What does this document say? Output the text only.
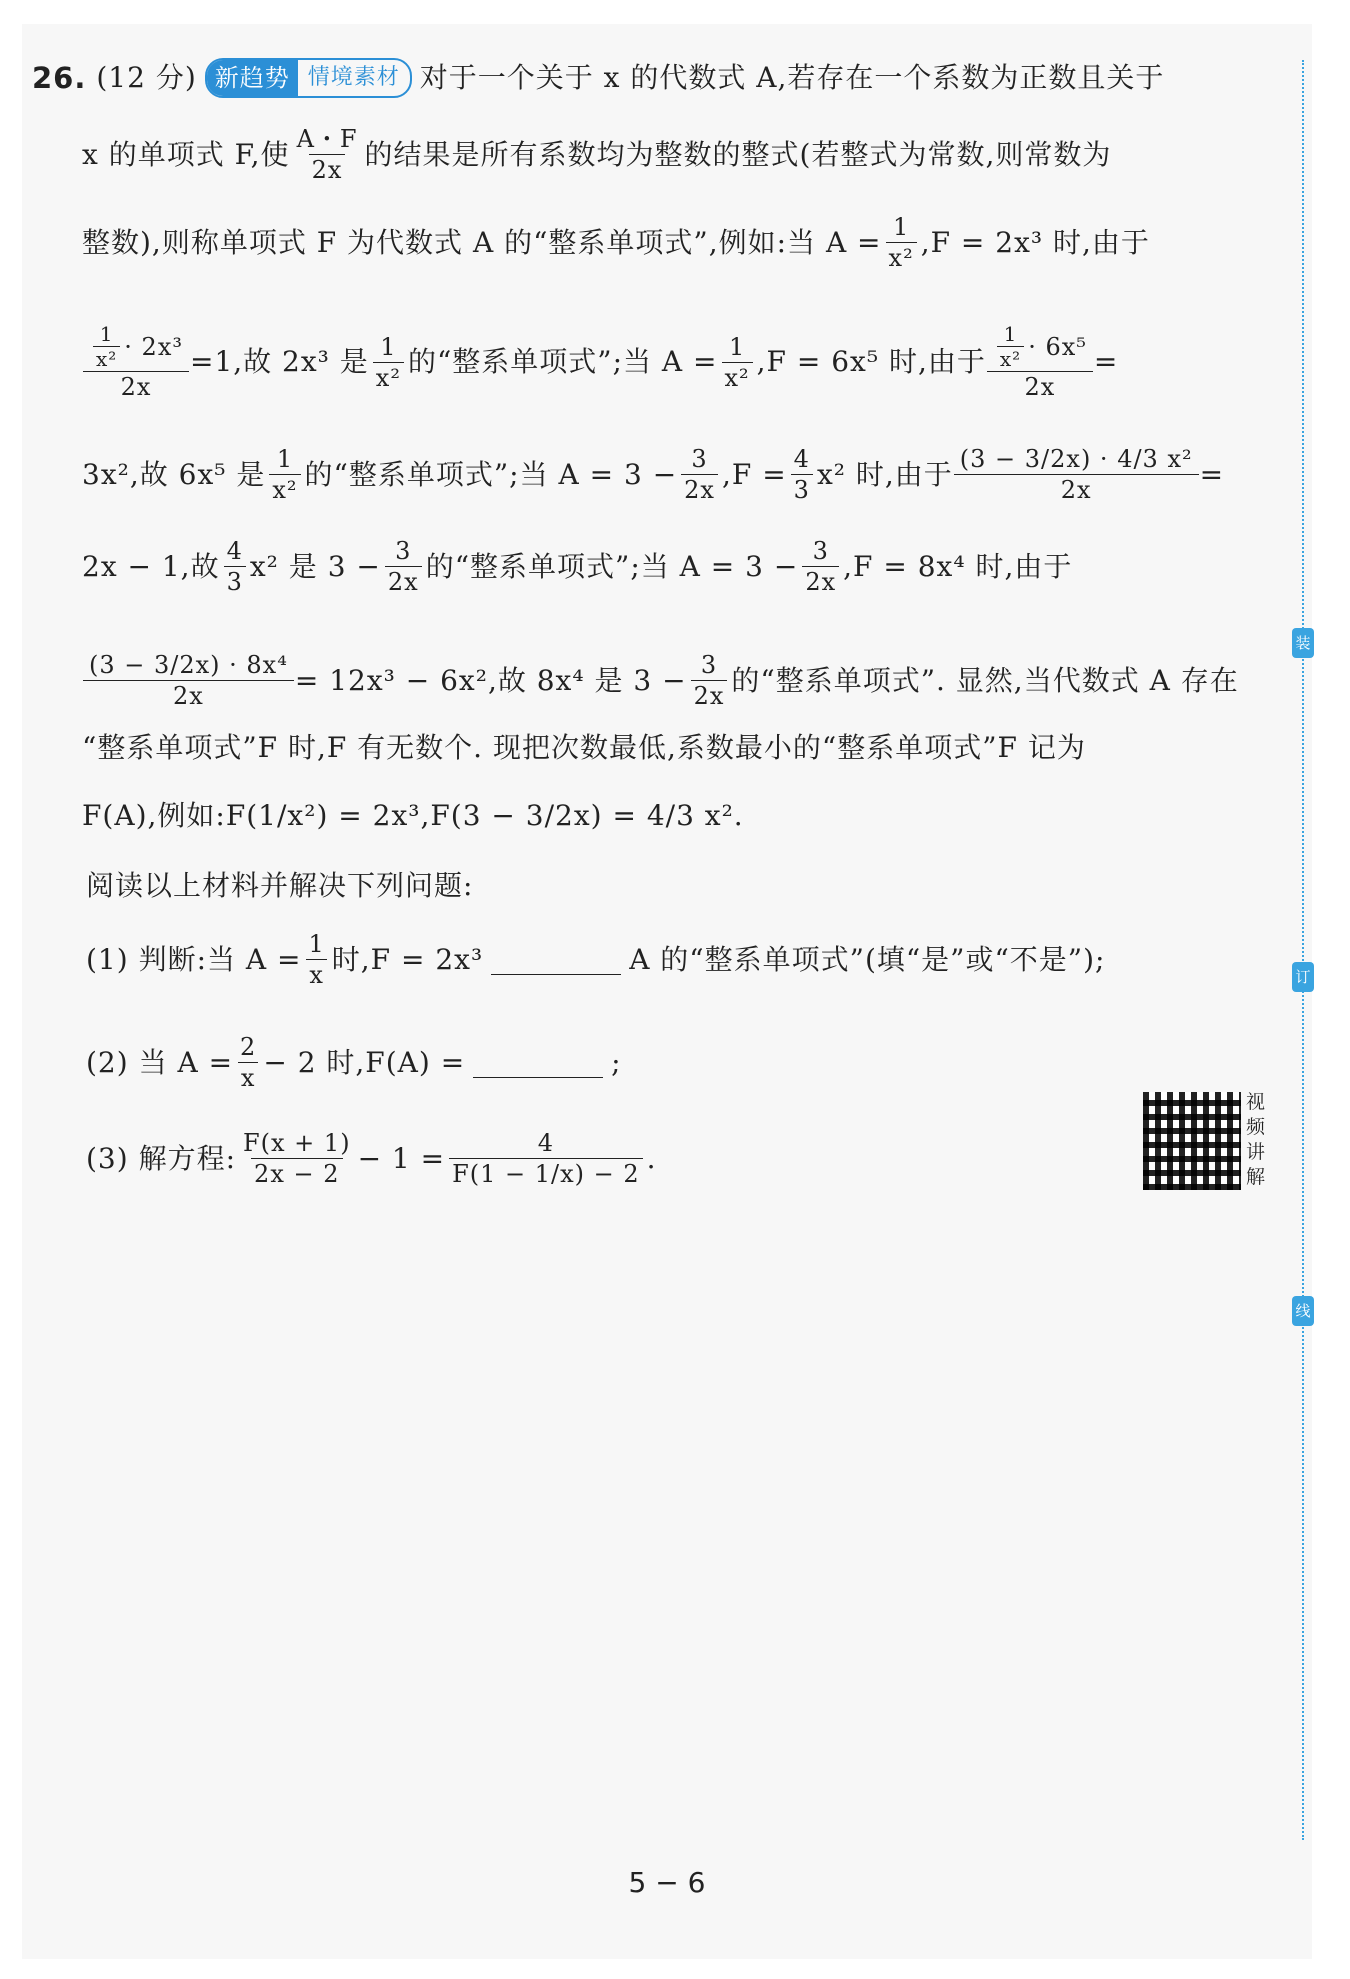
26. (12 分) 新趋势 情境素材 对于一个关于 x 的代数式 A,若存在一个系数为正数且关于
x 的单项式 F,使 $\frac{A・F}{2x}$ 的结果是所有系数均为整数的整式(若整式为常数,则常数为
整数),则称单项式 F 为代数式 A 的“整系单项式”,例如:当 $A = \frac{1}{\text{x²}} ,F = 2x^3$ 时,由于
$\frac{\frac{1}{\text{x²}} \cdot 2x^3}{2x} =1$,故 2x³ 是 $\frac{1}{\text{x²}}$ 的“整系单项式”;当 $A = \frac{1}{\text{x²}} ,F = 6x^5$ 时,由于 $\frac{\frac{1}{\text{x²}} \cdot 6x^5}{2x}$ =
3x²,故 6x⁵ 是 $\frac{1}{\text{x²}}$ 的“整系单项式”;当 $A = 3 - \frac{3}{2x} ,F = \frac{4}{3} x^2$ 时,由于 $\frac{\text{(3 − 3/2x) · 4/3 x²}}{2x}$ =
2x − 1,故 $\frac{4}{3} x^2$ 是 $3 - \frac{3}{2x}$ 的“整系单项式”;当 $A = 3 - \frac{3}{2x} ,F = 8x^4$ 时,由于
$\frac{\text{(3 − 3/2x) · 8x⁴}}{2x} = 12x^3 - 6x^2$,故 8x⁴ 是 $3 - \frac{3}{2x}$ 的“整系单项式”. 显然,当代数式 A 存在
“整系单项式”F 时,F 有无数个. 现把次数最低,系数最小的“整系单项式”F 记为
F(A),例如:F(1/x²) = 2x³,F(3 − 3/2x) = 4/3 x².
阅读以上材料并解决下列问题:
(1) 判断:当 $A = \frac{1}{x}$ 时,F = 2x³	A 的“整系单项式”(填“是”或“不是”);
(2) 当 $A = \frac{2}{x} - 2$ 时,F(A) =	;
(3) 解方程: $\frac{F(x + 1)}{2x - 2} - 1 = \frac{4}{F(1 - 1/x) - 2}$ .
视频讲解
5 − 6
装
订
线
